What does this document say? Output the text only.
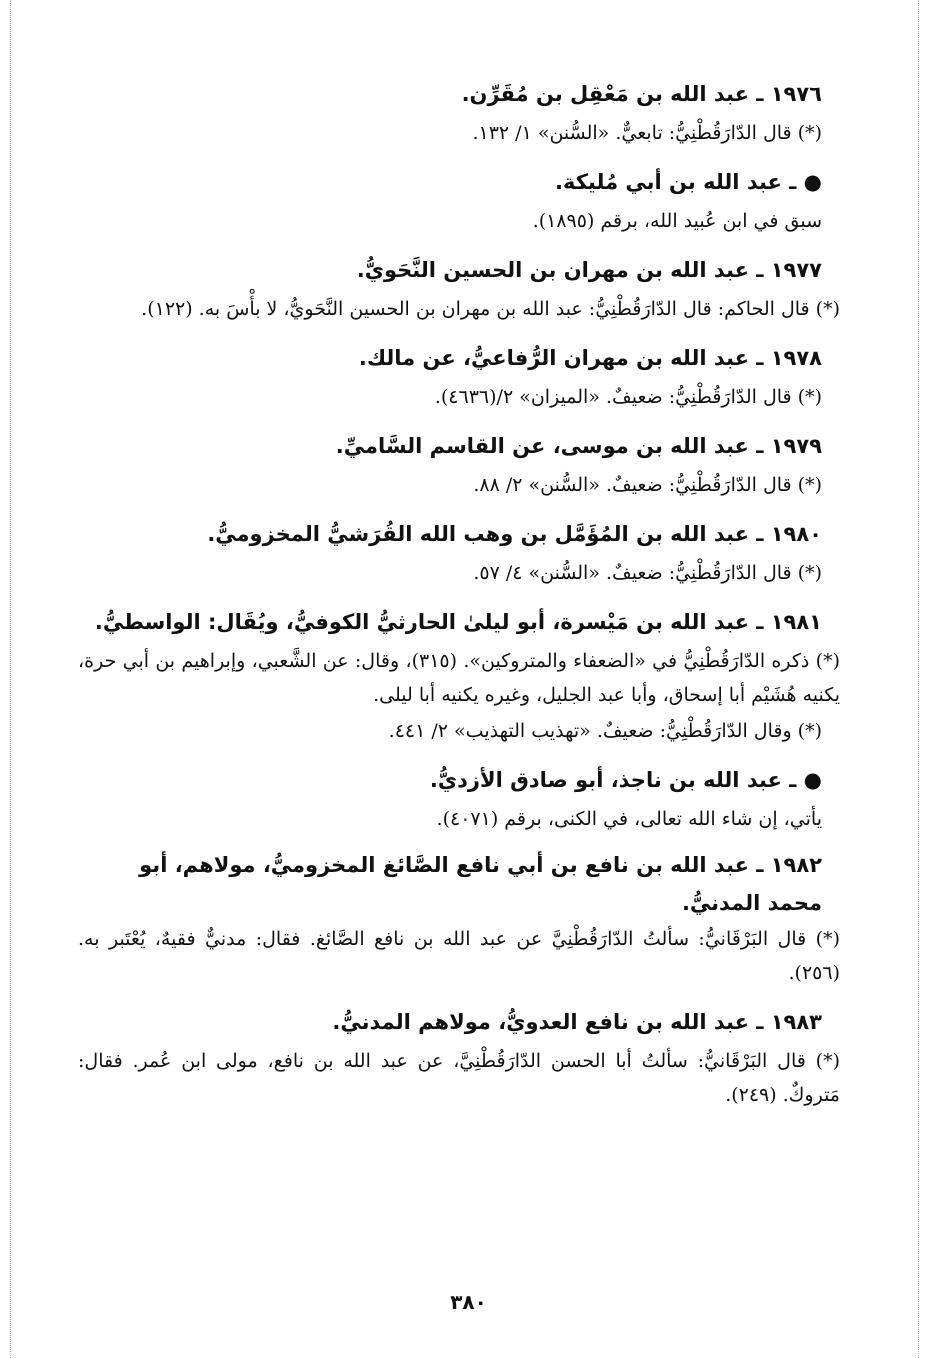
١٩٧٦ ـ عبد الله بن مَعْقِل بن مُقَرِّن.

(*) قال الدّارَقُطْنِيُّ: تابعيٌّ. «السُّنن» ١/ ١٣٢.

● ـ عبد الله بن أبي مُليكة.

سبق في ابن عُبيد الله، برقم (١٨٩٥).

١٩٧٧ ـ عبد الله بن مهران بن الحسين النَّحَويُّ.

(*) قال الحاكم: قال الدّارَقُطْنِيُّ: عبد الله بن مهران بن الحسين النَّحَويُّ، لا بأْسَ به. (١٢٢).

١٩٧٨ ـ عبد الله بن مهران الرُّفاعيُّ، عن مالك.

(*) قال الدّارَقُطْنِيُّ: ضعيفٌ. «الميزان» ٢/(٤٦٣٦).

١٩٧٩ ـ عبد الله بن موسى، عن القاسم السَّاميِّ.

(*) قال الدّارَقُطْنِيُّ: ضعيفٌ. «السُّنن» ٢/ ٨٨.

١٩٨٠ ـ عبد الله بن المُؤَمَّل بن وهب الله القُرَشيُّ المخزوميُّ.

(*) قال الدّارَقُطْنِيُّ: ضعيفٌ. «السُّنن» ٤/ ٥٧.

١٩٨١ ـ عبد الله بن مَيْسرة، أبو ليلىٰ الحارثيُّ الكوفيُّ، ويُقَال: الواسطيُّ.

(*) ذكره الدّارَقُطْنِيُّ في «الضعفاء والمتروكين». (٣١٥)، وقال: عن الشَّعبي، وإبراهيم بن أبي حرة، يكنيه هُشَيْم أبا إسحاق، وأبا عبد الجليل، وغيره يكنيه أبا ليلى.

(*) وقال الدّارَقُطْنِيُّ: ضعيفٌ. «تهذيب التهذيب» ٢/ ٤٤١.

● ـ عبد الله بن ناجذ، أبو صادق الأزديُّ.

يأتي، إن شاء الله تعالى، في الكنى، برقم (٤٠٧١).

١٩٨٢ ـ عبد الله بن نافع بن أبي نافع الصَّائغ المخزوميُّ، مولاهم، أبو محمد المدنيُّ.

(*) قال البَرْقَانيُّ: سألتُ الدّارَقُطْنِيَّ عن عبد الله بن نافع الصَّائغ. فقال: مدنيٌّ فقيهٌ، يُعْتَبر به. (٢٥٦).

١٩٨٣ ـ عبد الله بن نافع العدويُّ، مولاهم المدنيُّ.

(*) قال البَرْقَانيُّ: سألتُ أبا الحسن الدّارَقُطْنِيَّ، عن عبد الله بن نافع، مولى ابن عُمر. فقال: مَتروكٌ. (٢٤٩).

٣٨٠
